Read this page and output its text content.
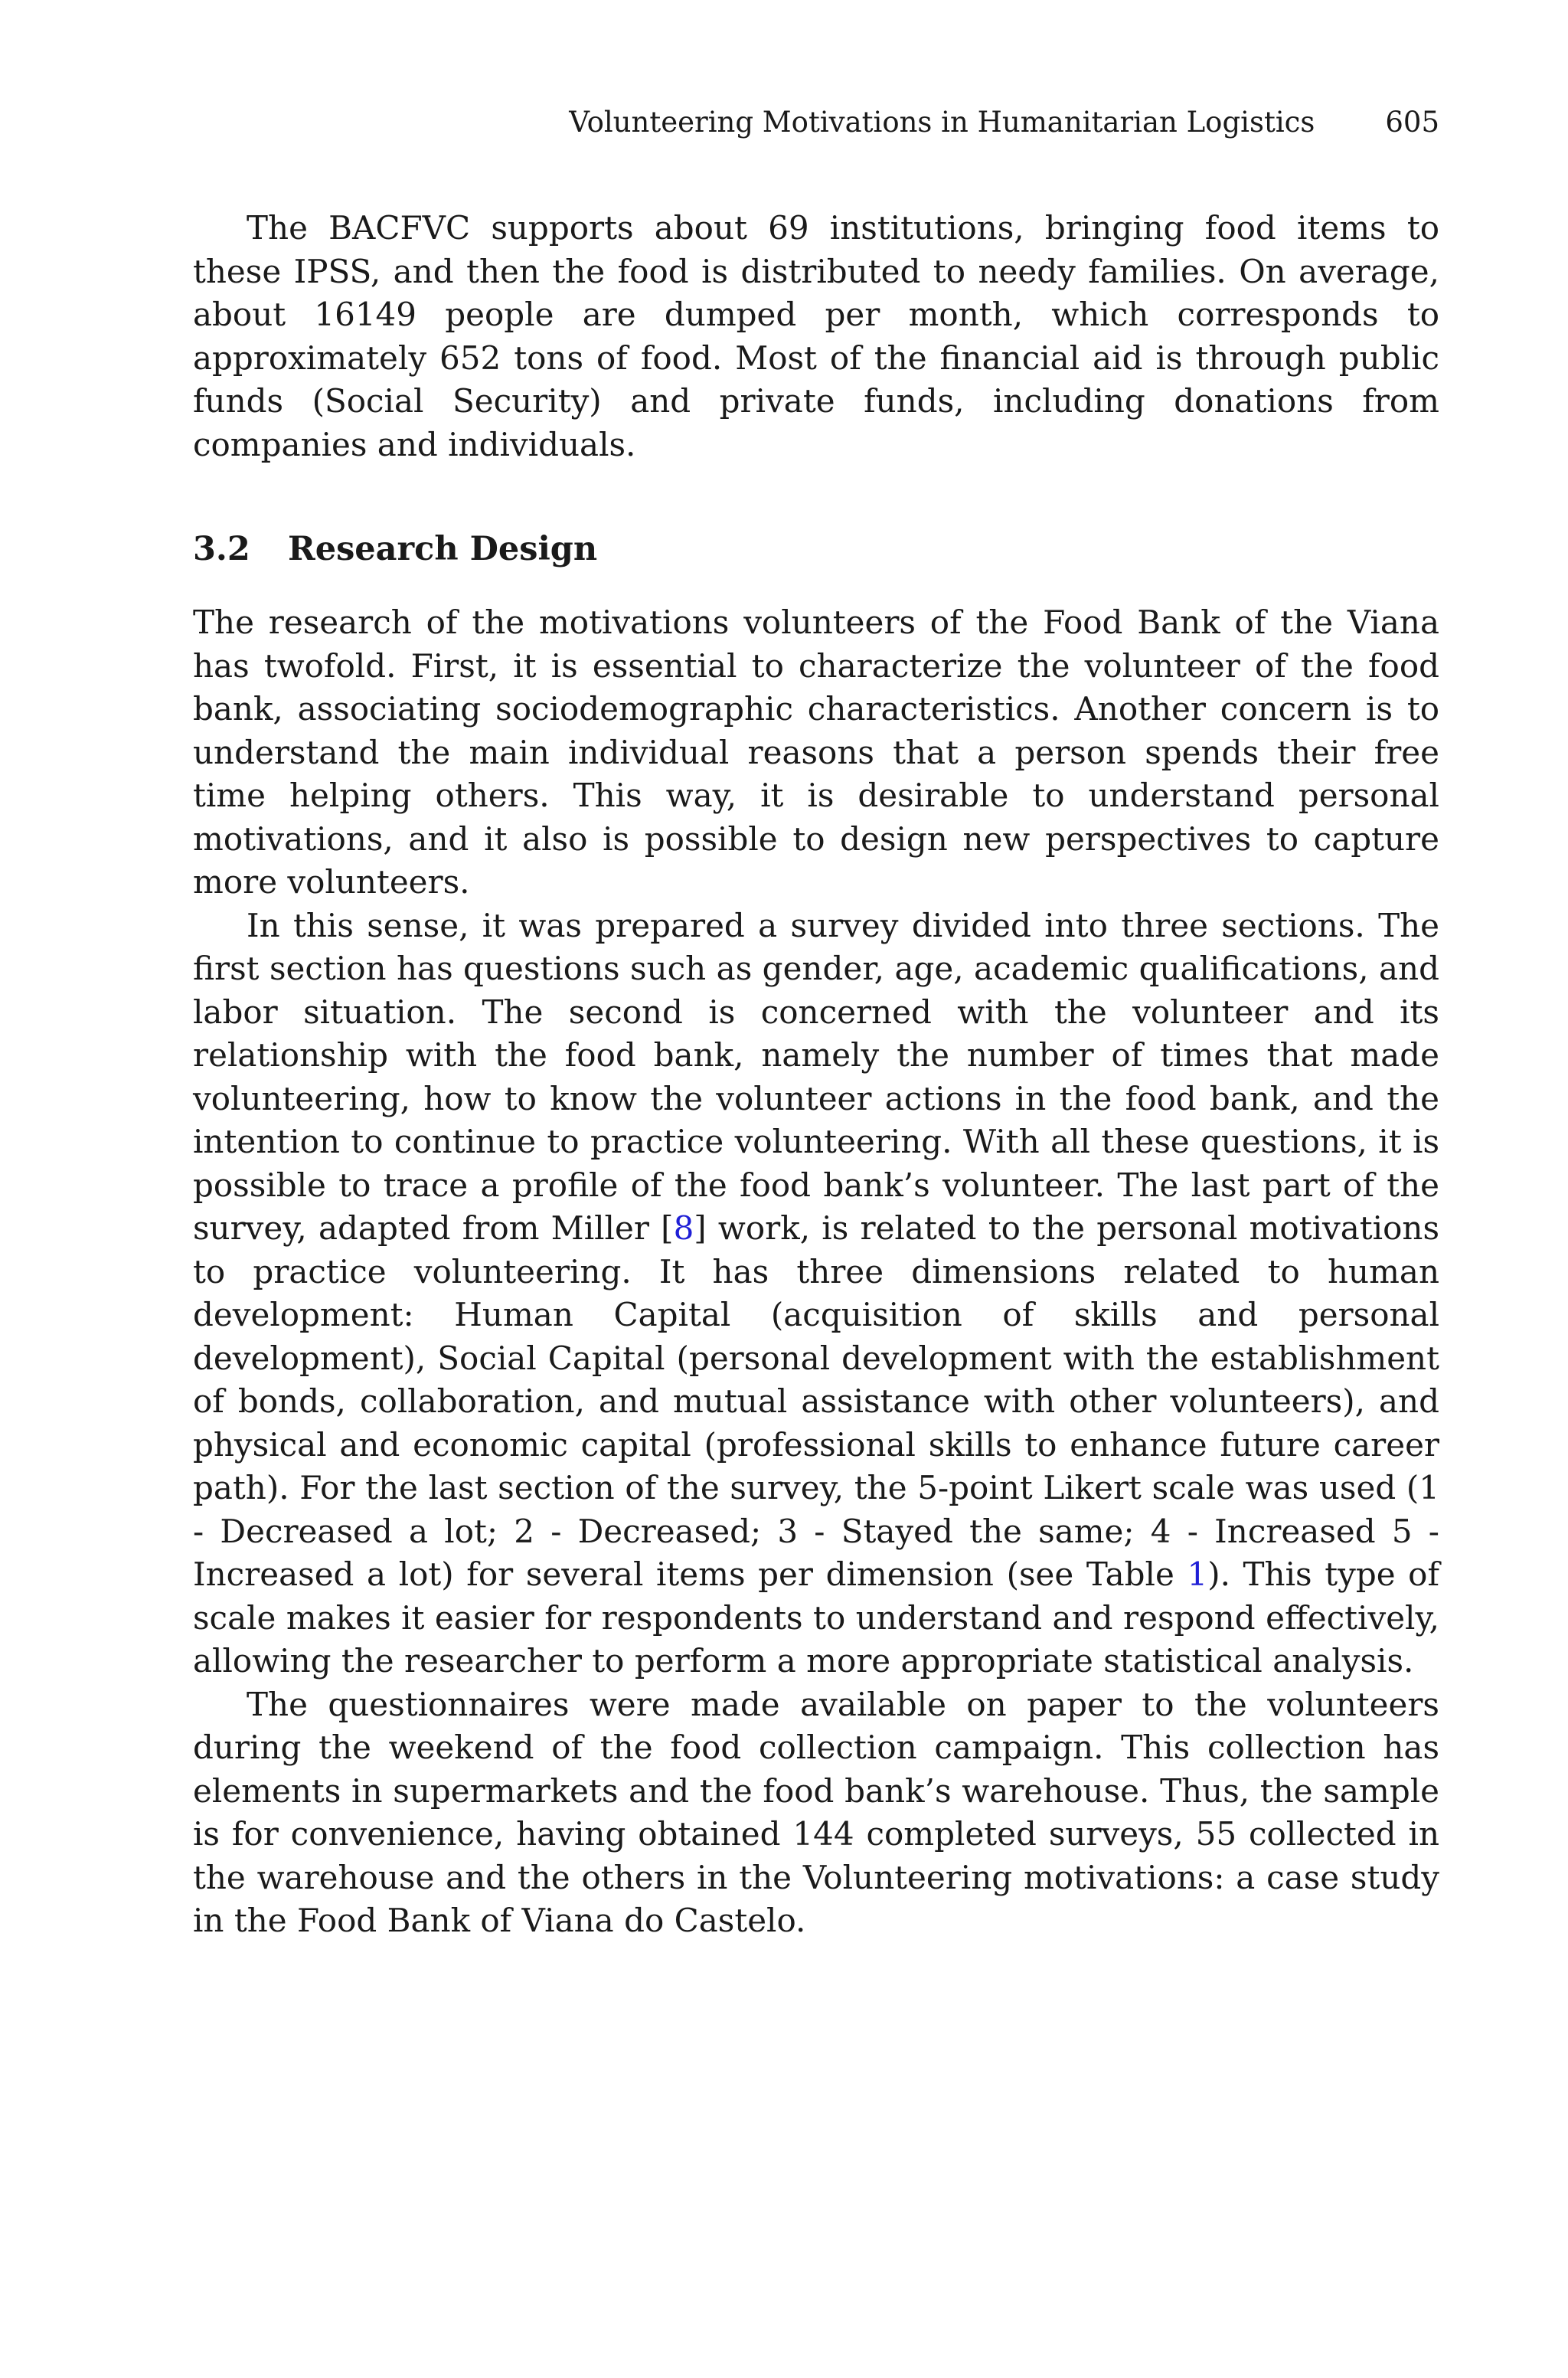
Volunteering Motivations in Humanitarian Logistics 605

The BACFVC supports about 69 institutions, bringing food items to these IPSS, and then the food is distributed to needy families. On average, about 16149 people are dumped per month, which corresponds to approximately 652 tons of food. Most of the financial aid is through public funds (Social Security) and private funds, including donations from companies and individuals.

3.2	Research Design

The research of the motivations volunteers of the Food Bank of the Viana has twofold. First, it is essential to characterize the volunteer of the food bank, associating sociodemographic characteristics. Another concern is to understand the main individual reasons that a person spends their free time helping others. This way, it is desirable to understand personal motivations, and it also is possible to design new perspectives to capture more volunteers.

In this sense, it was prepared a survey divided into three sections. The first section has questions such as gender, age, academic qualifications, and labor situation. The second is concerned with the volunteer and its relationship with the food bank, namely the number of times that made volunteering, how to know the volunteer actions in the food bank, and the intention to continue to practice volunteering. With all these questions, it is possible to trace a profile of the food bank’s volunteer. The last part of the survey, adapted from Miller [8] work, is related to the personal motivations to practice volunteering. It has three dimensions related to human development: Human Capital (acquisition of skills and personal development), Social Capital (personal development with the establishment of bonds, collaboration, and mutual assistance with other volunteers), and physical and economic capital (professional skills to enhance future career path). For the last section of the survey, the 5-point Likert scale was used (1 - Decreased a lot; 2 - Decreased; 3 - Stayed the same; 4 - Increased 5 - Increased a lot) for several items per dimension (see Table 1). This type of scale makes it easier for respondents to understand and respond effectively, allowing the researcher to perform a more appropriate statistical analysis.

The questionnaires were made available on paper to the volunteers during the weekend of the food collection campaign. This collection has elements in supermarkets and the food bank’s warehouse. Thus, the sample is for convenience, having obtained 144 completed surveys, 55 collected in the warehouse and the others in the Volunteering motivations: a case study in the Food Bank of Viana do Castelo.
